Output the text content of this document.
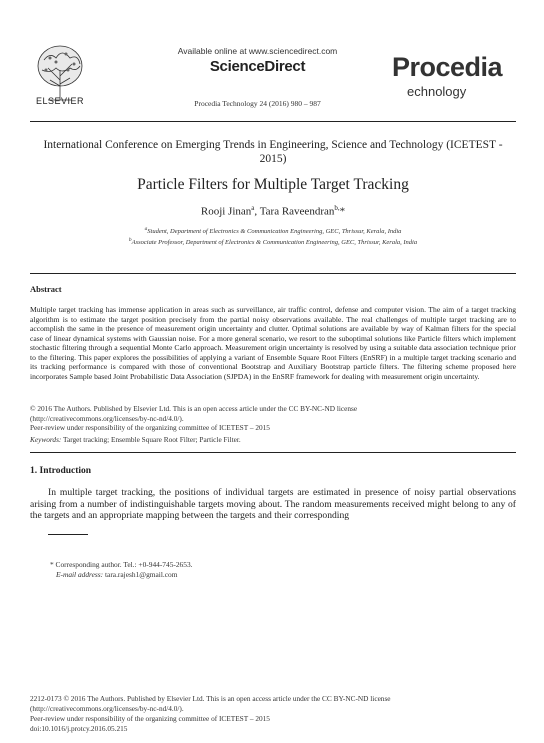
ELSEVIER
Available online at www.sciencedirect.com
ScienceDirect
Procedia Technology 24 (2016) 980 – 987
Procedia
echnology
International Conference on Emerging Trends in Engineering, Science and Technology (ICETEST - 2015)
Particle Filters for Multiple Target Tracking
Rooji Jinan$^a$, Tara Raveendran$^{b,}$*
$^a$Student, Department of Electronics & Communication Engineering, GEC, Thrissur, Kerala, India
$^b$Associate Professor, Department of Electronics & Communication Engineering, GEC, Thrissur, Kerala, India
Abstract
Multiple target tracking has immense application in areas such as surveillance, air traffic control, defense and computer vision. The aim of a target tracking algorithm is to estimate the target position precisely from the partial noisy observations available. The real challenges of multiple target tracking are to accomplish the same in the presence of measurement origin uncertainty and clutter. Optimal solutions are available by way of Kalman filters for the special case of linear dynamical systems with Gaussian noise. For a more general scenario, we resort to the suboptimal solutions like Particle filters which implement stochastic filtering through a sequential Monte Carlo approach. Measurement origin uncertainty is resolved by using a suitable data association technique prior to the filtering. This paper explores the possibilities of applying a variant of Ensemble Square Root Filters (EnSRF) in a multiple target tracking scenario and its tracking performance is compared with those of conventional Bootstrap and Auxiliary Bootstrap particle filters. The filtering scheme proposed here incorporates Sample based Joint Probabilistic Data Association (SJPDA) in the EnSRF framework for dealing with measurement origin uncertainty.
© 2016 The Authors. Published by Elsevier Ltd. This is an open access article under the CC BY-NC-ND license
(http://creativecommons.org/licenses/by-nc-nd/4.0/).
Peer-review under responsibility of the organizing committee of ICETEST – 2015
Keywords: Target tracking; Ensemble Square Root Filter; Particle Filter.
1. Introduction
In multiple target tracking, the positions of individual targets are estimated in presence of noisy partial observations arising from a number of indistinguishable targets moving about. The random measurements received might belong to any of the targets and an appropriate mapping between the targets and their corresponding
* Corresponding author. Tel.: +0-944-745-2653.
E-mail address: tara.rajesh1@gmail.com
2212-0173 © 2016 The Authors. Published by Elsevier Ltd. This is an open access article under the CC BY-NC-ND license
(http://creativecommons.org/licenses/by-nc-nd/4.0/).
Peer-review under responsibility of the organizing committee of ICETEST – 2015
doi:10.1016/j.protcy.2016.05.215
